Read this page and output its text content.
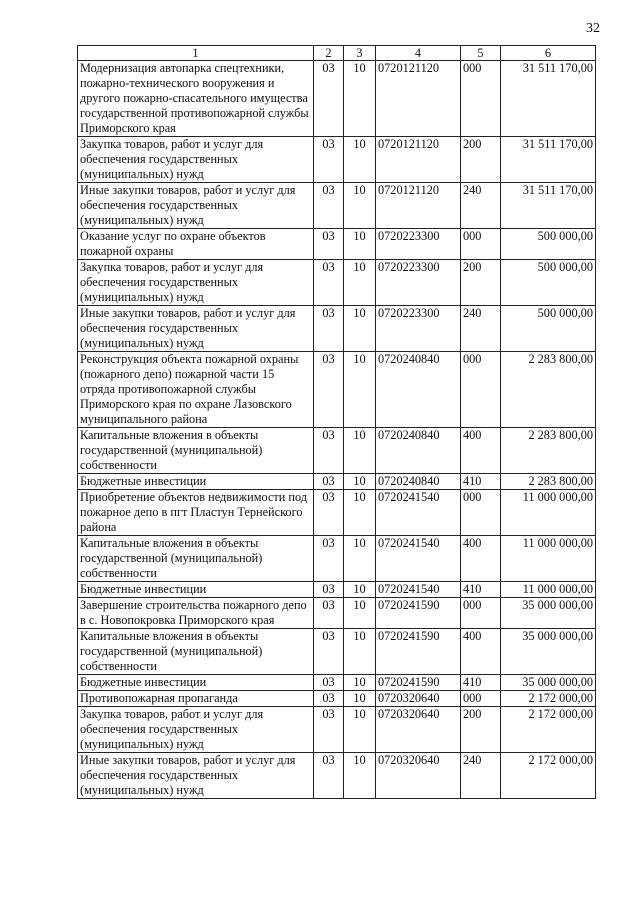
32
1	2	3	4	5	6
Модернизация автопарка спецтехники, пожарно-технического вооружения и другого пожарно-спасательного имущества государственной противопожарной службы Приморского края	03	10	0720121120	000	31 511 170,00
Закупка товаров, работ и услуг для обеспечения государственных (муниципальных) нужд	03	10	0720121120	200	31 511 170,00
Иные закупки товаров, работ и услуг для обеспечения государственных (муниципальных) нужд	03	10	0720121120	240	31 511 170,00
Оказание услуг по охране объектов пожарной охраны	03	10	0720223300	000	500 000,00
Закупка товаров, работ и услуг для обеспечения государственных (муниципальных) нужд	03	10	0720223300	200	500 000,00
Иные закупки товаров, работ и услуг для обеспечения государственных (муниципальных) нужд	03	10	0720223300	240	500 000,00
Реконструкция объекта пожарной охраны (пожарного депо) пожарной части 15 отряда противопожарной службы Приморского края по охране Лазовского муниципального района	03	10	0720240840	000	2 283 800,00
Капитальные вложения в объекты государственной (муниципальной) собственности	03	10	0720240840	400	2 283 800,00
Бюджетные инвестиции	03	10	0720240840	410	2 283 800,00
Приобретение объектов недвижимости под пожарное депо в пгт Пластун Тернейского района	03	10	0720241540	000	11 000 000,00
Капитальные вложения в объекты государственной (муниципальной) собственности	03	10	0720241540	400	11 000 000,00
Бюджетные инвестиции	03	10	0720241540	410	11 000 000,00
Завершение строительства пожарного депо в с. Новопокровка Приморского края	03	10	0720241590	000	35 000 000,00
Капитальные вложения в объекты государственной (муниципальной) собственности	03	10	0720241590	400	35 000 000,00
Бюджетные инвестиции	03	10	0720241590	410	35 000 000,00
Противопожарная пропаганда	03	10	0720320640	000	2 172 000,00
Закупка товаров, работ и услуг для обеспечения государственных (муниципальных) нужд	03	10	0720320640	200	2 172 000,00
Иные закупки товаров, работ и услуг для обеспечения государственных (муниципальных) нужд	03	10	0720320640	240	2 172 000,00
